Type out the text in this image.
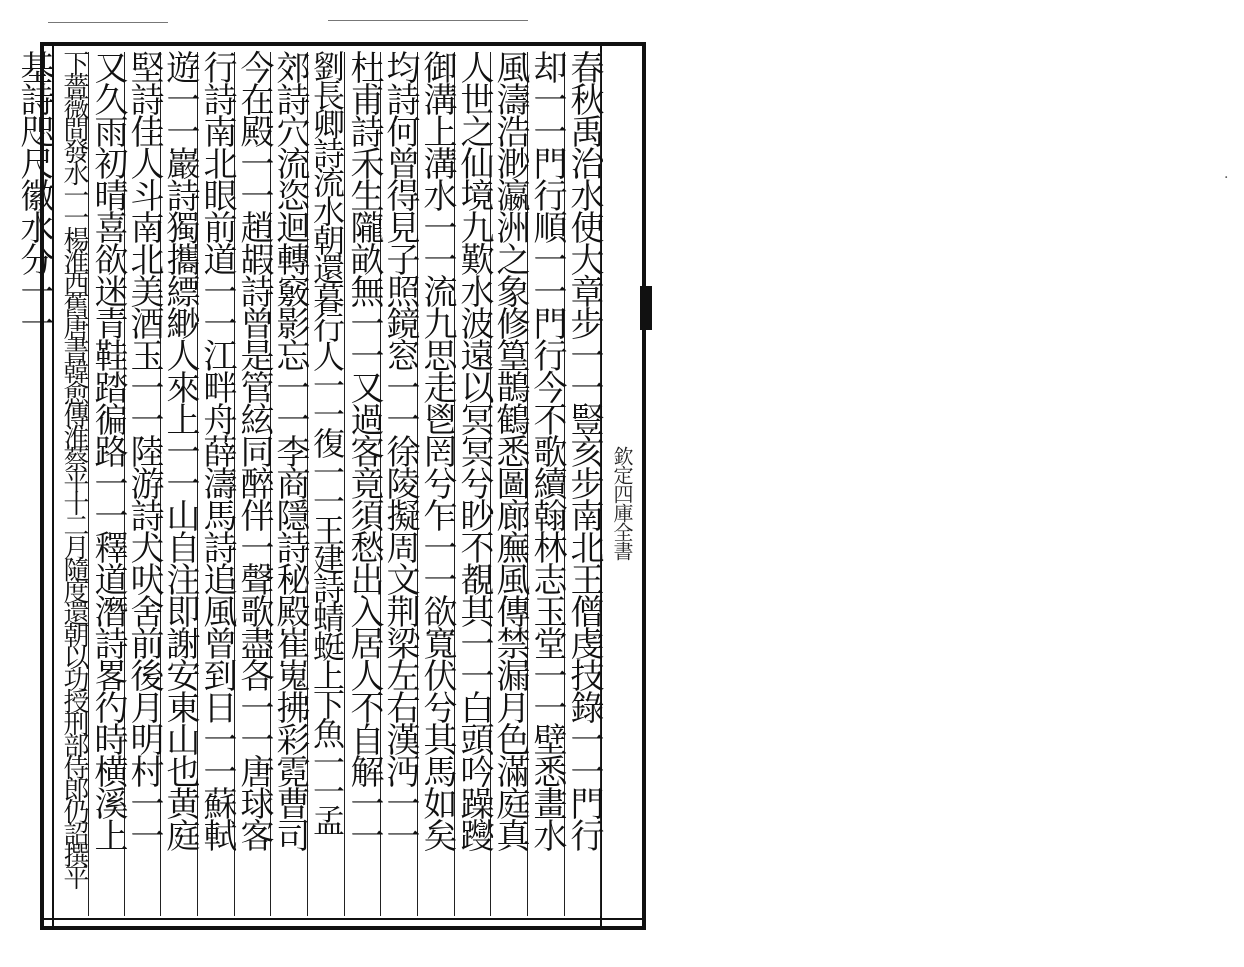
欽定四庫全書
·
春秋禹治水使大章步一一豎亥步南北王僧虔技錄一一門行
却一一門行順一一門行今不歌續翰林志玉堂一一壁悉畫水
風濤浩渺瀛洲之象修篁鵲鶴悉圖廊廡風傳禁漏月色滿庭真
人世之仙境九歎水波遠以冥冥兮眇不覩其一一白頭吟躁躞
御溝上溝水一一流九思走鬯罔兮乍一一欲寬伏兮其馬如矣
均詩何曾得見子照鏡窓一一徐陵擬周文荆梁左右漢沔一一
杜甫詩禾生隴畝無一一又過客竟須愁出入居人不自解一一
劉長卿詩流水朝還暮行人一一復一一王建詩蜻蜓上下魚一一孟
郊詩穴流恣迴轉竅影忘一一李商隱詩秘殿崔嵬拂彩霓曹司
今在殿一一趙嘏詩曾是管絃同醉伴一聲歌盡各一一唐球客
行詩南北眼前道一一江畔舟薛濤馬詩追風曾到日一一蘇軾
遊一一巖詩獨攜縹緲人來上一一山自注即謝安東山也黄庭
堅詩佳人斗南北美酒玉一一陸游詩犬吠舍前後月明村一一
又久雨初晴喜欲迷青鞋踏徧路一一釋道潛詩畧彴時横溪上
下薔薇間發水一一楊淮西舊唐書韓愈傳淮蔡平十二月隨度還朝以功授刑部侍郎仍詔撰平
基詩咫尺徽水分一一
